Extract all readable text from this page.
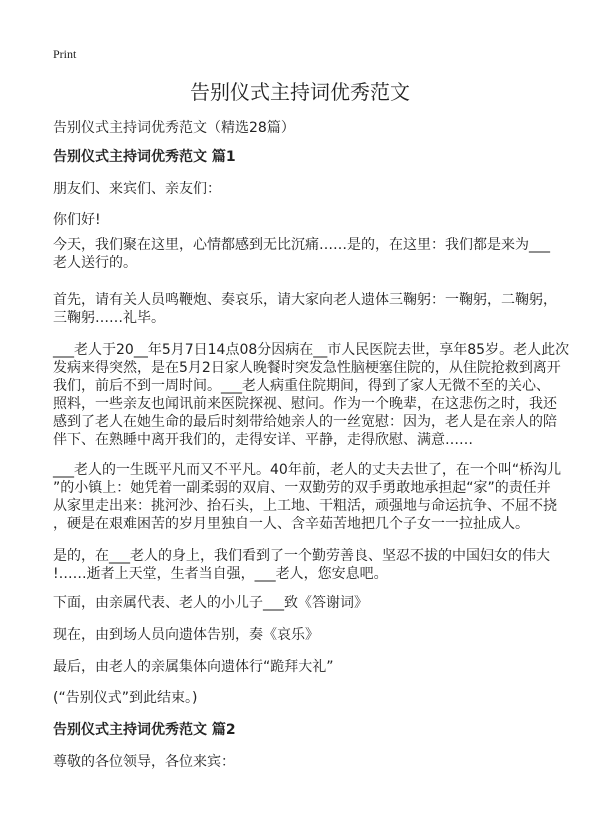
Print
告别仪式主持词优秀范文
告别仪式主持词优秀范文（精选28篇）
告别仪式主持词优秀范文 篇1
朋友们、来宾们、亲友们：
你们好!
今天，我们聚在这里，心情都感到无比沉痛……是的，在这里：我们都是来为___
老人送行的。
首先，请有关人员鸣鞭炮、奏哀乐，请大家向老人遗体三鞠躬：一鞠躬，二鞠躬，
三鞠躬……礼毕。
___老人于20__年5月7日14点08分因病在__市人民医院去世，享年85岁。老人此次
发病来得突然，是在5月2日家人晚餐时突发急性脑梗塞住院的，从住院抢救到离开
我们，前后不到一周时间。___老人病重住院期间，得到了家人无微不至的关心、
照料，一些亲友也闻讯前来医院探视、慰问。作为一个晚辈，在这悲伤之时，我还
感到了老人在她生命的最后时刻带给她亲人的一丝宽慰：因为，老人是在亲人的陪
伴下、在熟睡中离开我们的，走得安详、平静，走得欣慰、满意……
___老人的一生既平凡而又不平凡。40年前，老人的丈夫去世了，在一个叫“桥沟儿
”的小镇上：她凭着一副柔弱的双肩、一双勤劳的双手勇敢地承担起“家”的责任并
从家里走出来：挑河沙、抬石头，上工地、干粗活，顽强地与命运抗争、不屈不挠
，硬是在艰难困苦的岁月里独自一人、含辛茹苦地把几个子女一一拉扯成人。
是的，在___老人的身上，我们看到了一个勤劳善良、坚忍不拔的中国妇女的伟大
!……逝者上天堂，生者当自强，___老人，您安息吧。
下面，由亲属代表、老人的小儿子___致《答谢词》
现在，由到场人员向遗体告别，奏《哀乐》
最后，由老人的亲属集体向遗体行“跪拜大礼”
(“告别仪式”到此结束。)
告别仪式主持词优秀范文 篇2
尊敬的各位领导，各位来宾：
